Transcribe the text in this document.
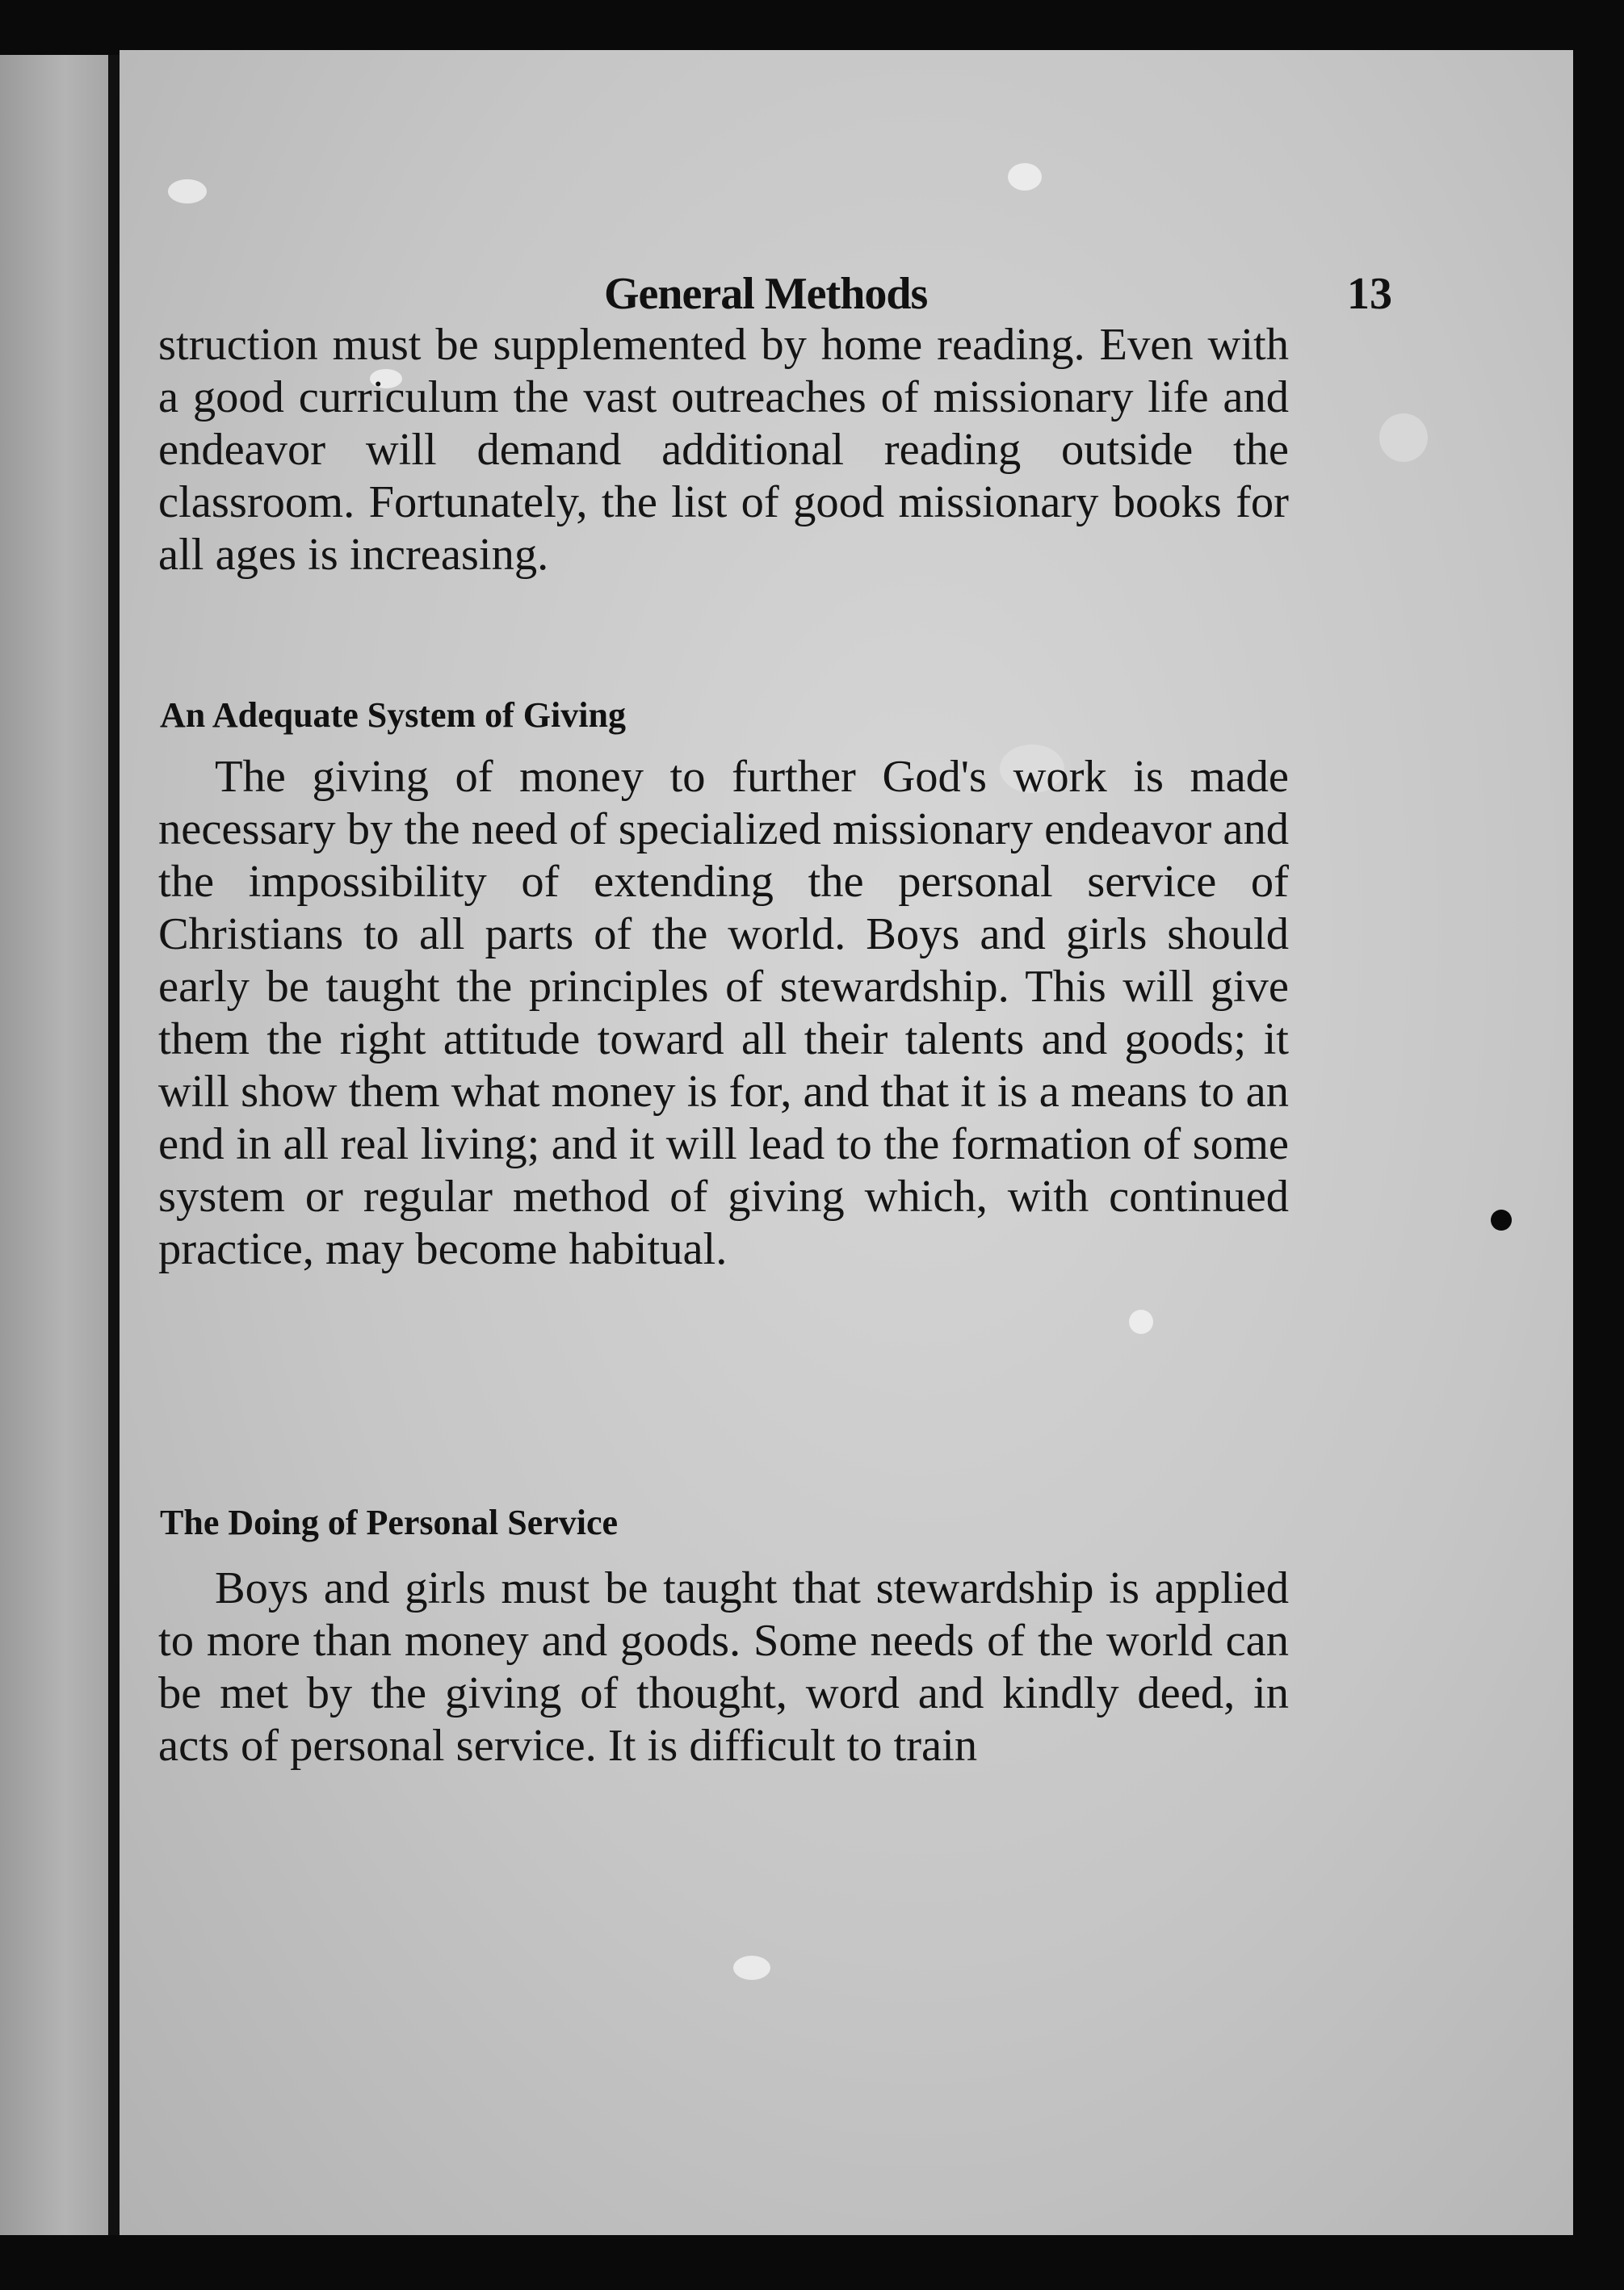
General Methods	13
struction must be supplemented by home reading. Even with a good curriculum the vast outreaches of missionary life and endeavor will demand additional reading outside the classroom. Fortunately, the list of good missionary books for all ages is increasing.
An Adequate System of Giving
The giving of money to further God's work is made necessary by the need of specialized missionary endeavor and the impossibility of extending the personal service of Christians to all parts of the world. Boys and girls should early be taught the principles of stewardship. This will give them the right attitude toward all their talents and goods; it will show them what money is for, and that it is a means to an end in all real living; and it will lead to the formation of some system or regular method of giving which, with continued practice, may become habitual.
The Doing of Personal Service
Boys and girls must be taught that stewardship is applied to more than money and goods. Some needs of the world can be met by the giving of thought, word and kindly deed, in acts of personal service. It is difficult to train
